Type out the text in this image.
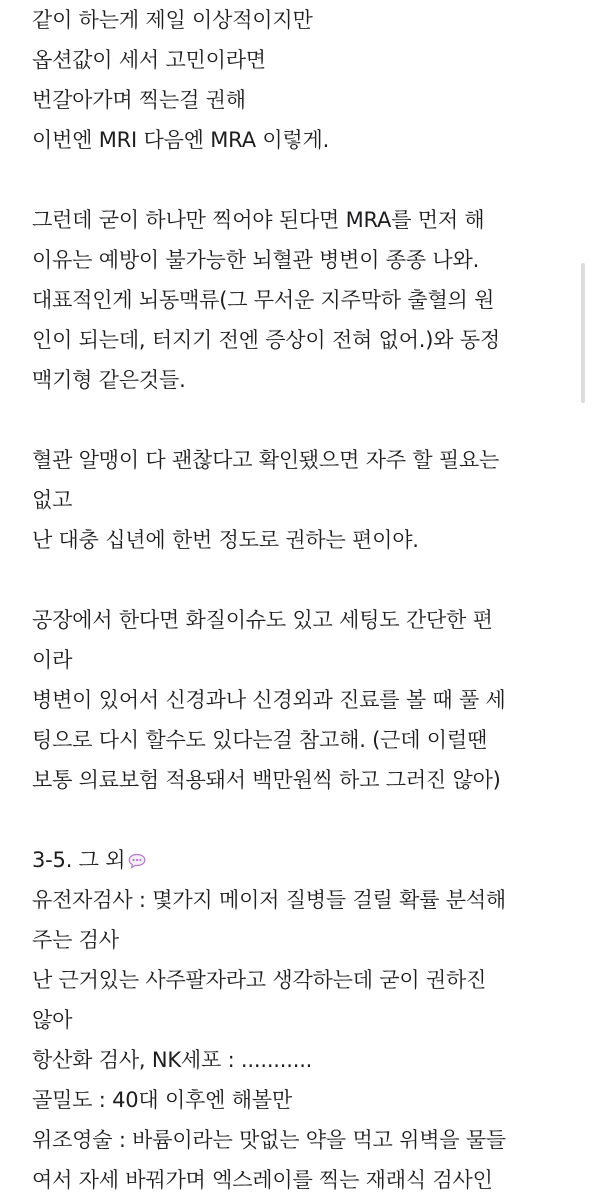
같이 하는게 제일 이상적이지만
옵션값이 세서 고민이라면
번갈아가며 찍는걸 권해
이번엔 MRI 다음엔 MRA 이렇게.
그런데 굳이 하나만 찍어야 된다면 MRA를 먼저 해
이유는 예방이 불가능한 뇌혈관 병변이 종종 나와.
대표적인게 뇌동맥류(그 무서운 지주막하 출혈의 원
인이 되는데, 터지기 전엔 증상이 전혀 없어.)와 동정
맥기형 같은것들.
혈관 알맹이 다 괜찮다고 확인됐으면 자주 할 필요는
없고
난 대충 십년에 한번 정도로 권하는 편이야.
공장에서 한다면 화질이슈도 있고 세팅도 간단한 편
이라
병변이 있어서 신경과나 신경외과 진료를 볼 때 풀 세
팅으로 다시 할수도 있다는걸 참고해. (근데 이럴땐
보통 의료보험 적용돼서 백만원씩 하고 그러진 않아)
3-5. 그 외
유전자검사 : 몇가지 메이저 질병들 걸릴 확률 분석해
주는 검사
난 근거있는 사주팔자라고 생각하는데 굳이 권하진
않아
항산화 검사, NK세포 : ...........
골밀도 : 40대 이후엔 해볼만
위조영술 : 바륨이라는 맛없는 약을 먹고 위벽을 물들
여서 자세 바꿔가며 엑스레이를 찍는 재래식 검사인
